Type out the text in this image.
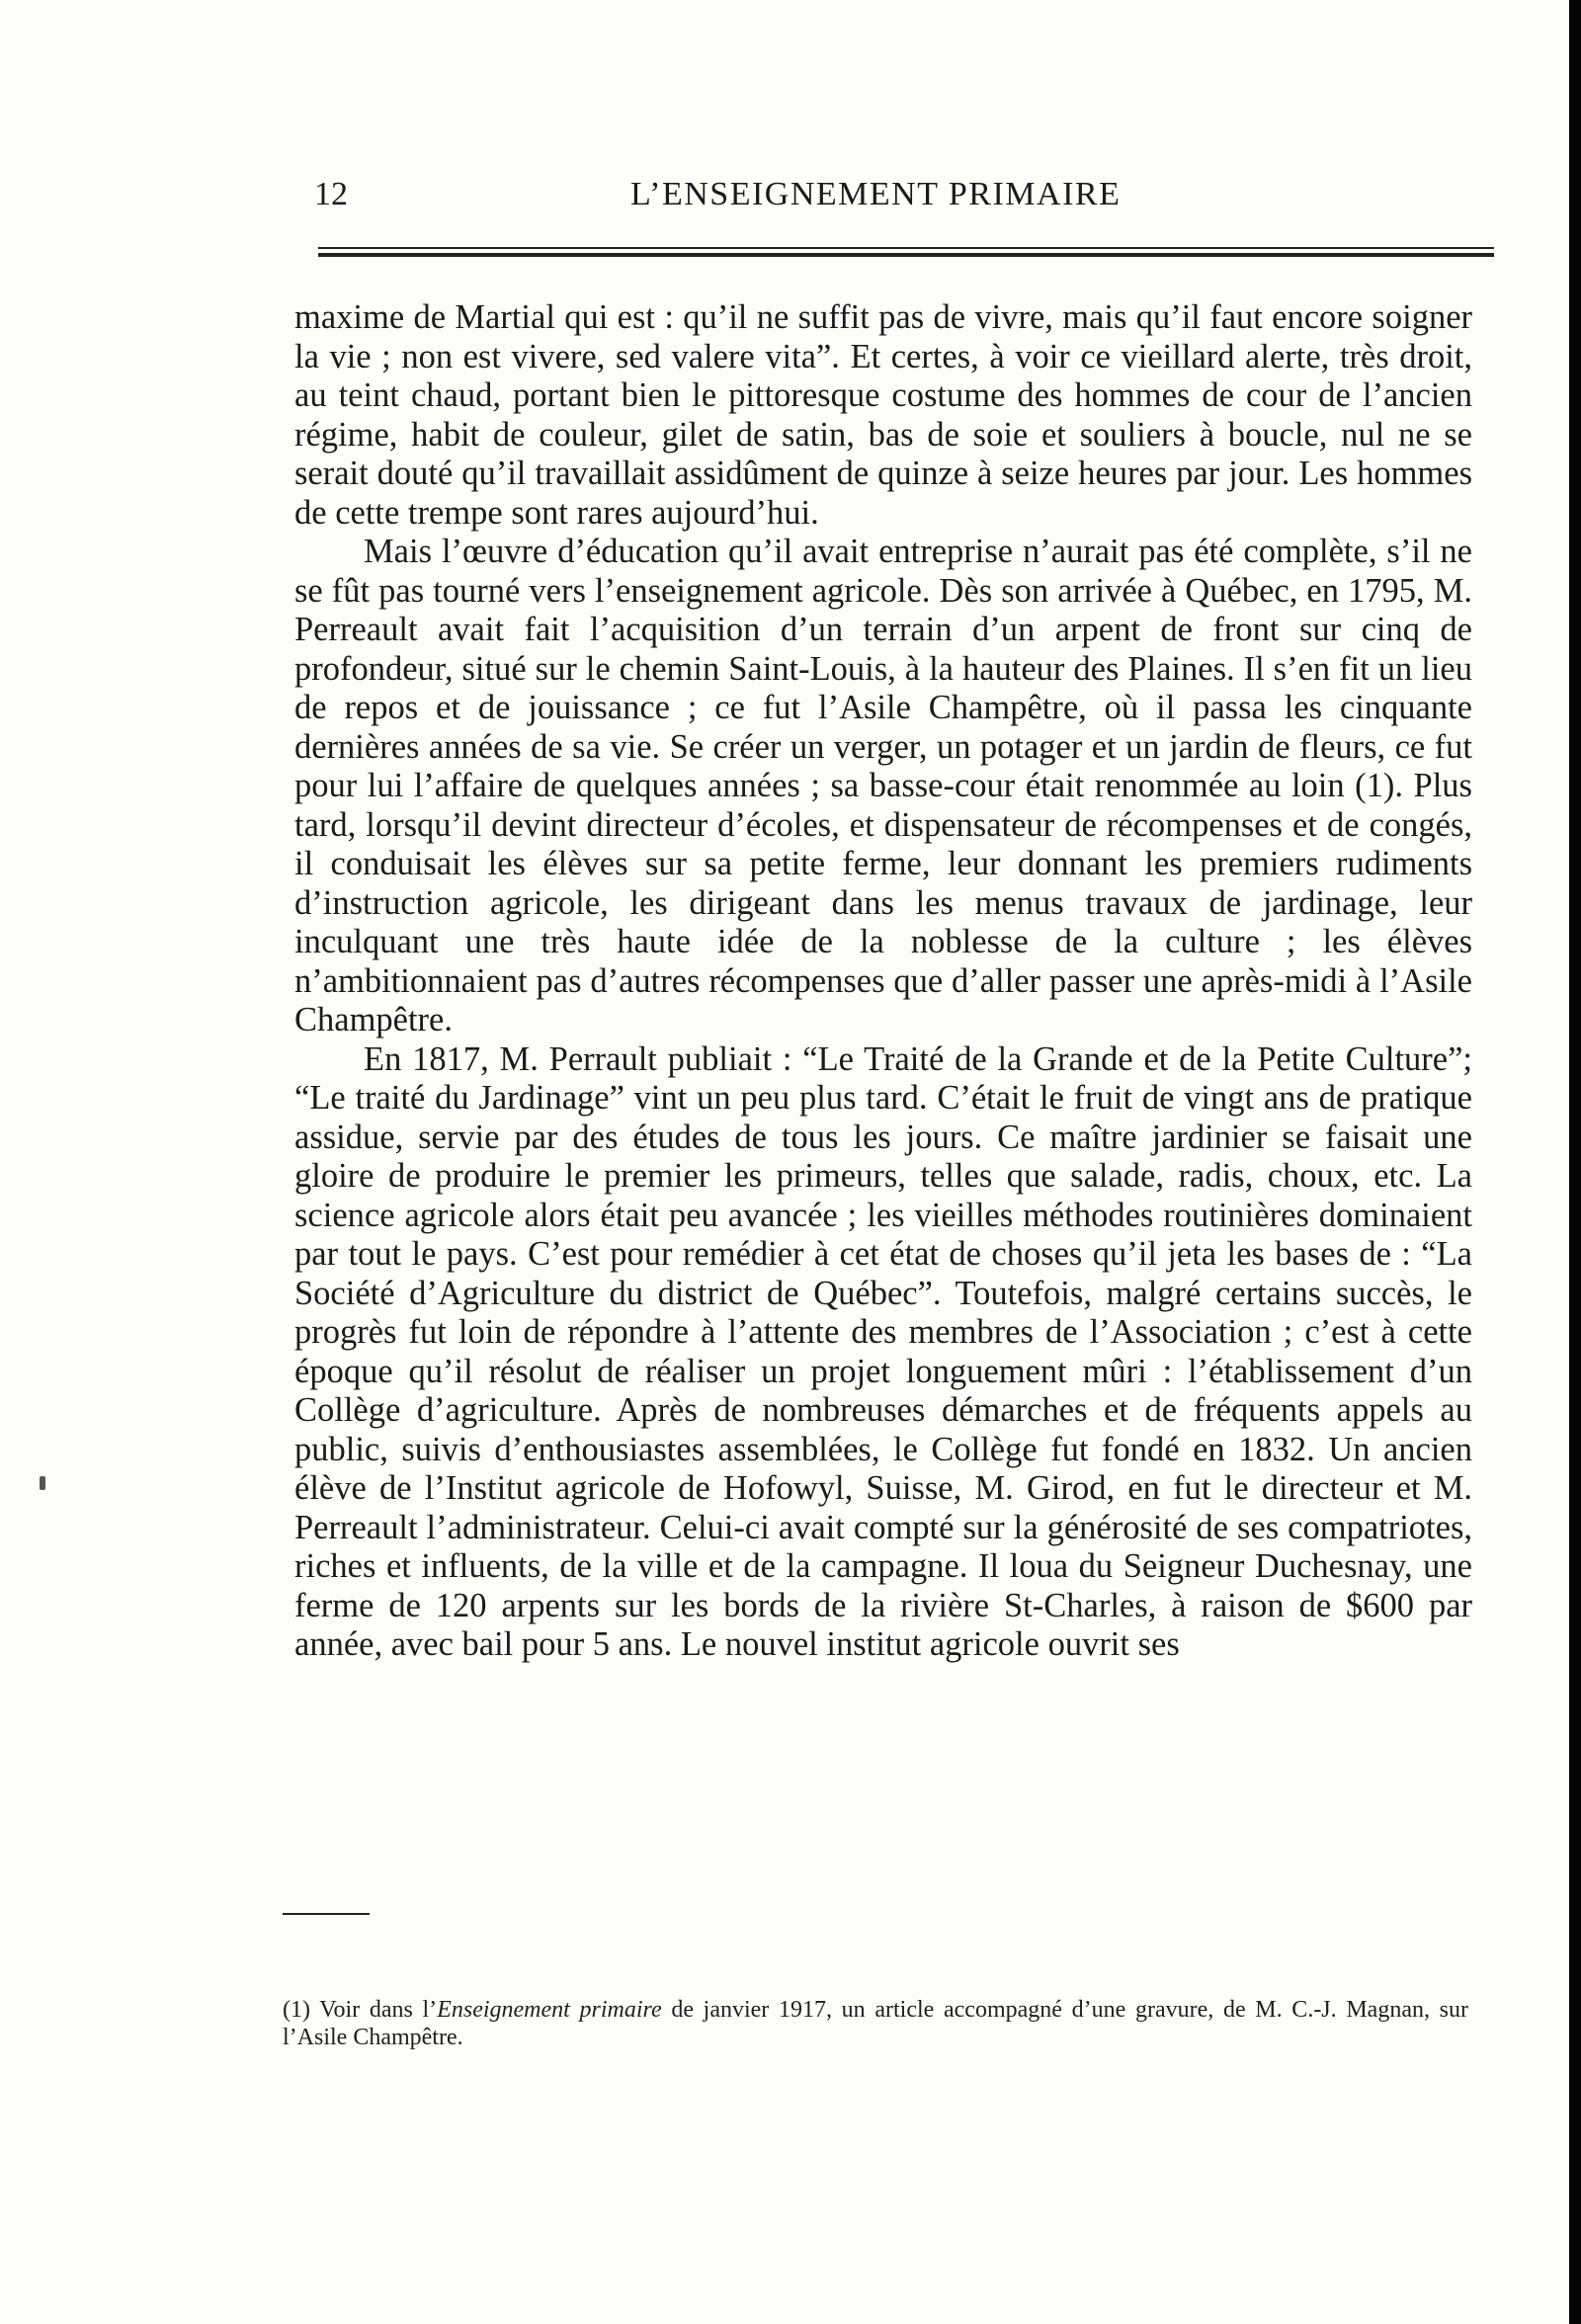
12	L’ENSEIGNEMENT PRIMAIRE

maxime de Martial qui est : qu’il ne suffit pas de vivre, mais qu’il faut encore soigner la vie ; non est vivere, sed valere vita”. Et certes, à voir ce vieillard alerte, très droit, au teint chaud, portant bien le pittoresque costume des hommes de cour de l’ancien régime, habit de couleur, gilet de satin, bas de soie et souliers à boucle, nul ne se serait douté qu’il travaillait assidûment de quinze à seize heures par jour. Les hommes de cette trempe sont rares aujourd’hui.

Mais l’œuvre d’éducation qu’il avait entreprise n’aurait pas été complète, s’il ne se fût pas tourné vers l’enseignement agricole. Dès son arrivée à Québec, en 1795, M. Perreault avait fait l’acquisition d’un terrain d’un arpent de front sur cinq de profondeur, situé sur le chemin Saint-Louis, à la hauteur des Plaines. Il s’en fit un lieu de repos et de jouissance ; ce fut l’Asile Champêtre, où il passa les cinquante dernières années de sa vie. Se créer un verger, un potager et un jardin de fleurs, ce fut pour lui l’affaire de quelques années ; sa basse-cour était renommée au loin (1). Plus tard, lorsqu’il devint directeur d’écoles, et dispensateur de récompenses et de congés, il conduisait les élèves sur sa petite ferme, leur donnant les premiers rudiments d’instruction agricole, les dirigeant dans les menus travaux de jardinage, leur inculquant une très haute idée de la noblesse de la culture ; les élèves n’ambitionnaient pas d’autres récompenses que d’aller passer une après-midi à l’Asile Champêtre.

En 1817, M. Perrault publiait : “Le Traité de la Grande et de la Petite Culture”; “Le traité du Jardinage” vint un peu plus tard. C’était le fruit de vingt ans de pratique assidue, servie par des études de tous les jours. Ce maître jardinier se faisait une gloire de produire le premier les primeurs, telles que salade, radis, choux, etc. La science agricole alors était peu avancée ; les vieilles méthodes routinières dominaient par tout le pays. C’est pour remédier à cet état de choses qu’il jeta les bases de : “La Société d’Agriculture du district de Québec”. Toutefois, malgré certains succès, le progrès fut loin de répondre à l’attente des membres de l’Association ; c’est à cette époque qu’il résolut de réaliser un projet longuement mûri : l’établissement d’un Collège d’agriculture. Après de nombreuses démarches et de fréquents appels au public, suivis d’enthousiastes assemblées, le Collège fut fondé en 1832. Un ancien élève de l’Institut agricole de Hofowyl, Suisse, M. Girod, en fut le directeur et M. Perreault l’administrateur. Celui-ci avait compté sur la générosité de ses compatriotes, riches et influents, de la ville et de la campagne. Il loua du Seigneur Duchesnay, une ferme de 120 arpents sur les bords de la rivière St-Charles, à raison de $600 par année, avec bail pour 5 ans. Le nouvel institut agricole ouvrit ses

(1) Voir dans l’Enseignement primaire de janvier 1917, un article accompagné d’une gravure, de M. C.-J. Magnan, sur l’Asile Champêtre.
